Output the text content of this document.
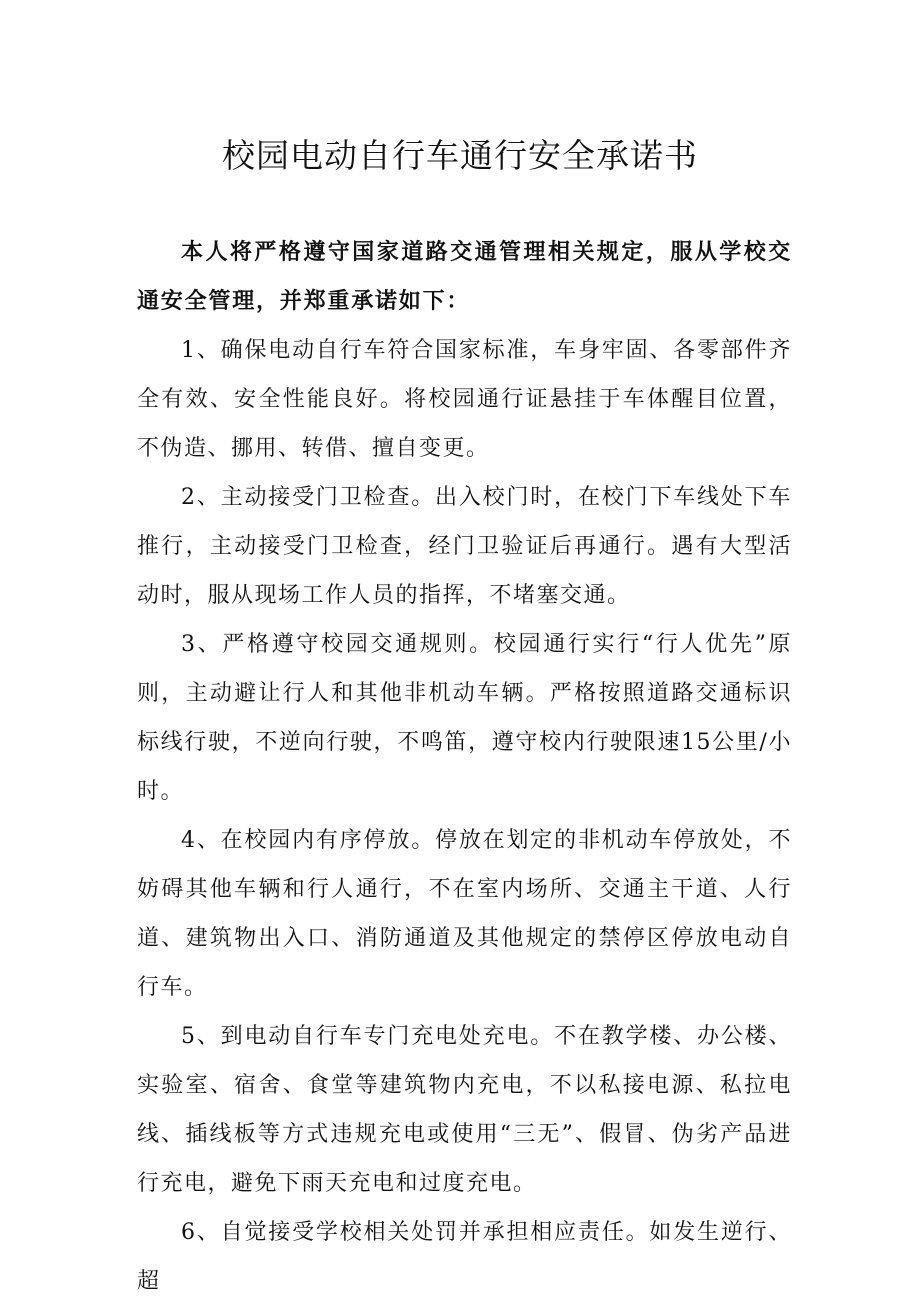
校园电动自行车通行安全承诺书

本人将严格遵守国家道路交通管理相关规定，服从学校交通安全管理，并郑重承诺如下：

1、确保电动自行车符合国家标准，车身牢固、各零部件齐全有效、安全性能良好。将校园通行证悬挂于车体醒目位置，不伪造、挪用、转借、擅自变更。

2、主动接受门卫检查。出入校门时，在校门下车线处下车推行，主动接受门卫检查，经门卫验证后再通行。遇有大型活动时，服从现场工作人员的指挥，不堵塞交通。

3、严格遵守校园交通规则。校园通行实行“行人优先”原则，主动避让行人和其他非机动车辆。严格按照道路交通标识标线行驶，不逆向行驶，不鸣笛，遵守校内行驶限速15公里/小时。

4、在校园内有序停放。停放在划定的非机动车停放处，不妨碍其他车辆和行人通行，不在室内场所、交通主干道、人行道、建筑物出入口、消防通道及其他规定的禁停区停放电动自行车。

5、到电动自行车专门充电处充电。不在教学楼、办公楼、实验室、宿舍、食堂等建筑物内充电，不以私接电源、私拉电线、插线板等方式违规充电或使用“三无”、假冒、伪劣产品进行充电，避免下雨天充电和过度充电。

6、自觉接受学校相关处罚并承担相应责任。如发生逆行、超
